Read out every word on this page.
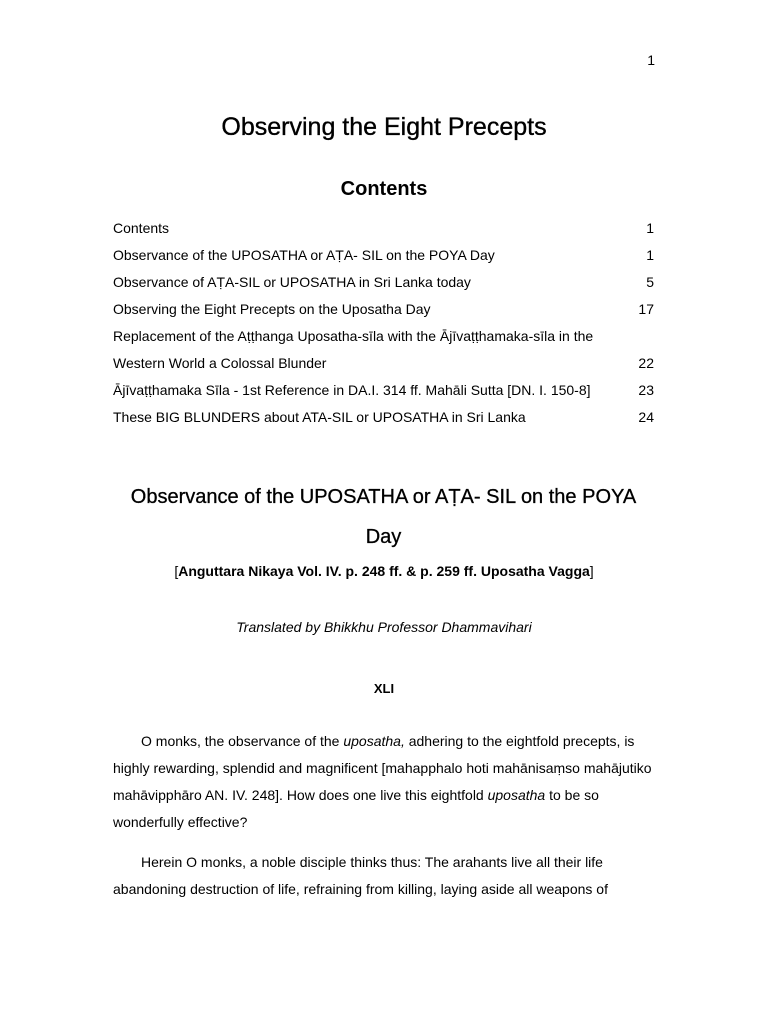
1
Observing the Eight Precepts
Contents
Contents	1
Observance of the UPOSATHA or AṬA- SIL on the POYA Day	1
Observance of AṬA-SIL or UPOSATHA in Sri Lanka today	5
Observing the Eight Precepts on the Uposatha Day	17
Replacement of the Aṭṭhanga Uposatha-sīla with the Ājīvaṭṭhamaka-sīla in the
Western World a Colossal Blunder	22
Ājīvaṭṭhamaka Sīla - 1st Reference in DA.I. 314 ff. Mahāli Sutta [DN. I. 150-8]	23
These BIG BLUNDERS about ATA-SIL or UPOSATHA in Sri Lanka	24
Observance of the UPOSATHA or AṬA- SIL on the POYA Day
[Anguttara Nikaya Vol. IV. p. 248 ff. & p. 259 ff. Uposatha Vagga]
Translated by Bhikkhu Professor Dhammavihari
XLI

O monks, the observance of the uposatha, adhering to the eightfold precepts, is highly rewarding, splendid and magnificent [mahapphalo hoti mahānisaṃso mahājutiko mahāvipphāro AN. IV. 248]. How does one live this eightfold uposatha to be so wonderfully effective?

Herein O monks, a noble disciple thinks thus: The arahants live all their life abandoning destruction of life, refraining from killing, laying aside all weapons of
